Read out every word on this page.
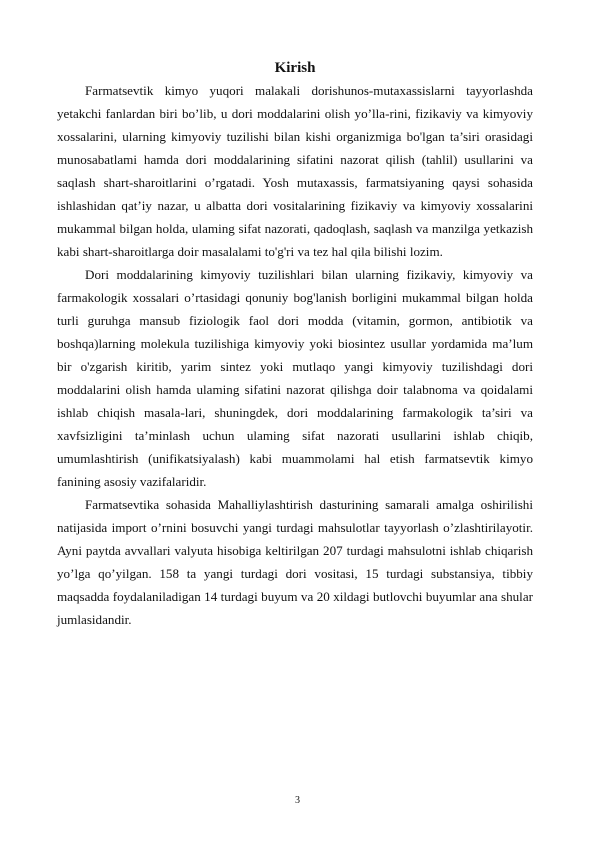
Kirish

Farmatsevtik kimyo yuqori malakali dorishunos-mutaxassislarni tayyorlashda yetakchi fanlardan biri bo’lib, u dori moddalarini olish yo’lla-rini, fizikaviy va kimyoviy xossalarini, ularning kimyoviy tuzilishi bilan kishi organizmiga bo'lgan ta’siri orasidagi munosabatlami hamda dori moddalarining sifatini nazorat qilish (tahlil) usullarini va saqlash shart-sharoitlarini o’rgatadi. Yosh mutaxassis, farmatsiyaning qaysi sohasida ishlashidan qat’iy nazar, u albatta dori vositalarining fizikaviy va kimyoviy xossalarini mukammal bilgan holda, ulaming sifat nazorati, qadoqlash, saqlash va manzilga yetkazish kabi shart-sharoitlarga doir masalalami to'g'ri va tez hal qila bilishi lozim.

Dori moddalarining kimyoviy tuzilishlari bilan ularning fizikaviy, kimyoviy va farmakologik xossalari o’rtasidagi qonuniy bog'lanish borligini mukammal bilgan holda turli guruhga mansub fiziologik faol dori modda (vitamin, gormon, antibiotik va boshqa)larning molekula tuzilishiga kimyoviy yoki biosintez usullar yordamida ma’lum bir o'zgarish kiritib, yarim sintez yoki mutlaqo yangi kimyoviy tuzilishdagi dori moddalarini olish hamda ulaming sifatini nazorat qilishga doir talabnoma va qoidalami ishlab chiqish masala-lari, shuningdek, dori moddalarining farmakologik ta’siri va xavfsizligini ta’minlash uchun ulaming sifat nazorati usullarini ishlab chiqib, umumlashtirish (unifikatsiyalash) kabi muammolami hal etish farmatsevtik kimyo fanining asosiy vazifalaridir.

Farmatsevtika sohasida Mahalliylashtirish dasturining samarali amalga oshirilishi natijasida import o’rnini bosuvchi yangi turdagi mahsulotlar tayyorlash o’zlashtirilayotir. Ayni paytda avvallari valyuta hisobiga keltirilgan 207 turdagi mahsulotni ishlab chiqarish yo’lga qo’yilgan. 158 ta yangi turdagi dori vositasi, 15 turdagi substansiya, tibbiy maqsadda foydalaniladigan 14 turdagi buyum va 20 xildagi butlovchi buyumlar ana shular jumlasidandir.

3
